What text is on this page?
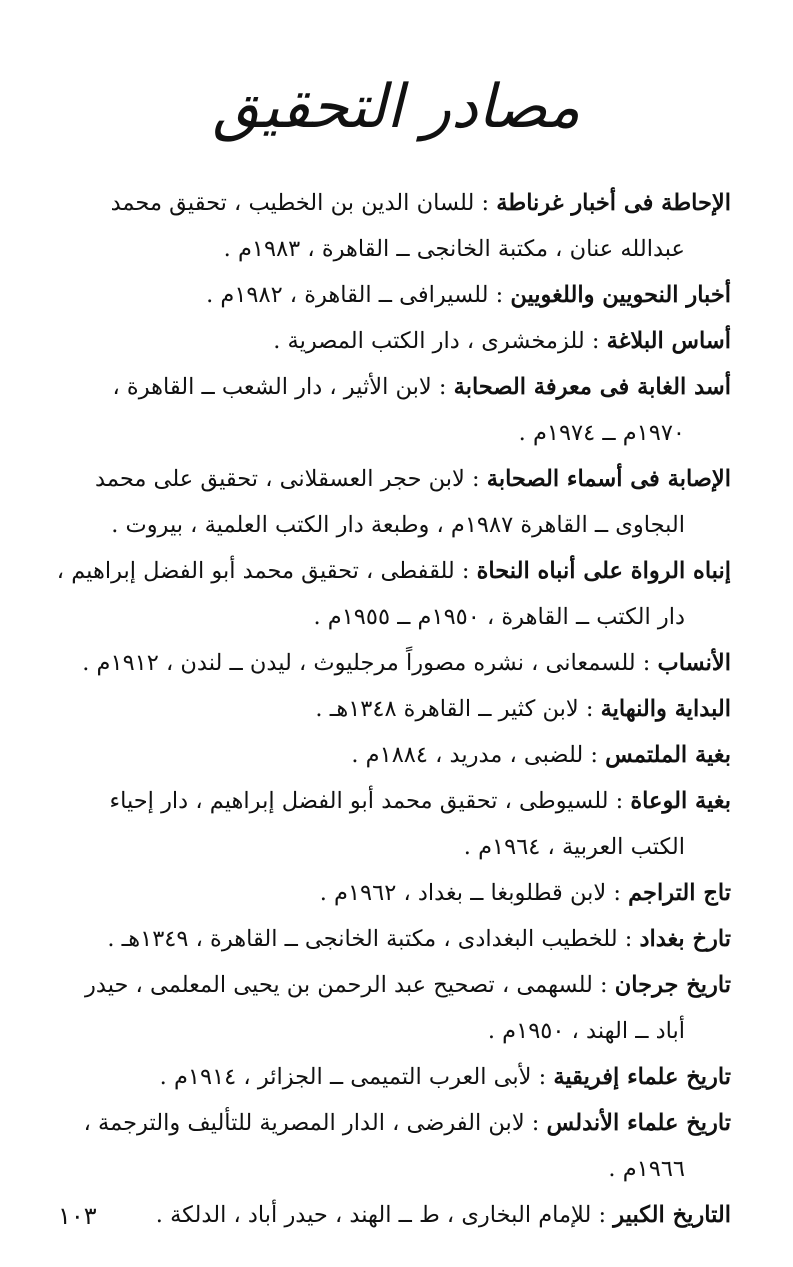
مصادر التحقيق
الإحاطة فى أخبار غرناطة : للسان الدين بن الخطيب ، تحقيق محمد
عبدالله عنان ، مكتبة الخانجى ــ القاهرة ، ١٩٨٣م .
أخبار النحويين واللغويين : للسيرافى ــ القاهرة ، ١٩٨٢م .
أساس البلاغة : للزمخشرى ، دار الكتب المصرية .
أسد الغابة فى معرفة الصحابة : لابن الأثير ، دار الشعب ــ القاهرة ،
١٩٧٠م ــ ١٩٧٤م .
الإصابة فى أسماء الصحابة : لابن حجر العسقلانى ، تحقيق على محمد
البجاوى ــ القاهرة ١٩٨٧م ، وطبعة دار الكتب العلمية ، بيروت .
إنباه الرواة على أنباه النحاة : للقفطى ، تحقيق محمد أبو الفضل إبراهيم ،
دار الكتب ــ القاهرة ، ١٩٥٠م ــ ١٩٥٥م .
الأنساب : للسمعانى ، نشره مصوراً مرجليوث ، ليدن ــ لندن ، ١٩١٢م .
البداية والنهاية : لابن كثير ــ القاهرة ١٣٤٨هـ .
بغية الملتمس : للضبى ، مدريد ، ١٨٨٤م .
بغية الوعاة : للسيوطى ، تحقيق محمد أبو الفضل إبراهيم ، دار إحياء
الكتب العربية ، ١٩٦٤م .
تاج التراجم : لابن قطلوبغا ــ بغداد ، ١٩٦٢م .
تارخ بغداد : للخطيب البغدادى ، مكتبة الخانجى ــ القاهرة ، ١٣٤٩هـ .
تاريخ جرجان : للسهمى ، تصحيح عبد الرحمن بن يحيى المعلمى ، حيدر
أباد ــ الهند ، ١٩٥٠م .
تاريخ علماء إفريقية : لأبى العرب التميمى ــ الجزائر ، ١٩١٤م .
تاريخ علماء الأندلس : لابن الفرضى ، الدار المصرية للتأليف والترجمة ،
١٩٦٦م .
التاريخ الكبير : للإمام البخارى ، ط ــ الهند ، حيدر أباد ، الدلكة .
١٠٣
